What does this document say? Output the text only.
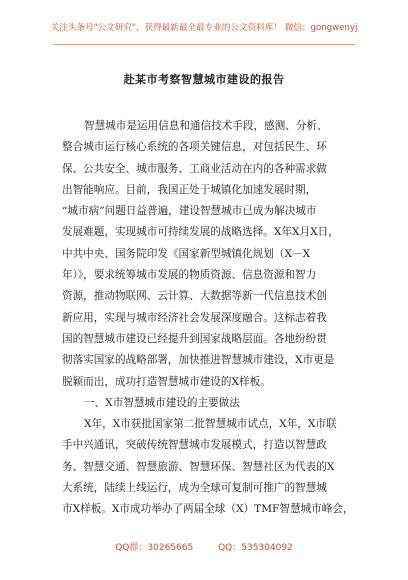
关注头条号"公文研究"，获得最新最全最专业的公文资料库！ 微信：gongwenyj
赴某市考察智慧城市建设的报告
智慧城市是运用信息和通信技术手段，感测、分析、
整合城市运行核心系统的各项关键信息，对包括民生、环
保、公共安全、城市服务、工商业活动在内的各种需求做
出智能响应。目前，我国正处于城镇化加速发展时期，
“城市病”问题日益普遍，建设智慧城市已成为解决城市
发展难题，实现城市可持续发展的战略选择。X年X月X日，
中共中央、国务院印发《国家新型城镇化规划（X－X
年）》，要求统筹城市发展的物质资源、信息资源和智力
资源，推动物联网、云计算、大数据等新一代信息技术创
新应用，实现与城市经济社会发展深度融合。这标志着我
国的智慧城市建设已经提升到国家战略层面。各地纷纷贯
彻落实国家的战略部署，加快推进智慧城市建设，X市更是
脱颖而出，成功打造智慧城市建设的X样板。
一、X市智慧城市建设的主要做法
X年，X市获批国家第二批智慧城市试点，X年，X市联
手中兴通讯，突破传统智慧城市发展模式，打造以智慧政
务、智慧交通、智慧旅游、智慧环保、智慧社区为代表的X
大系统，陆续上线运行，成为全球可复制可推广的智慧城
市X样板。X市成功举办了两届全球（X）TMF智慧城市峰会，
QQ群：30265665	QQ：535304092
